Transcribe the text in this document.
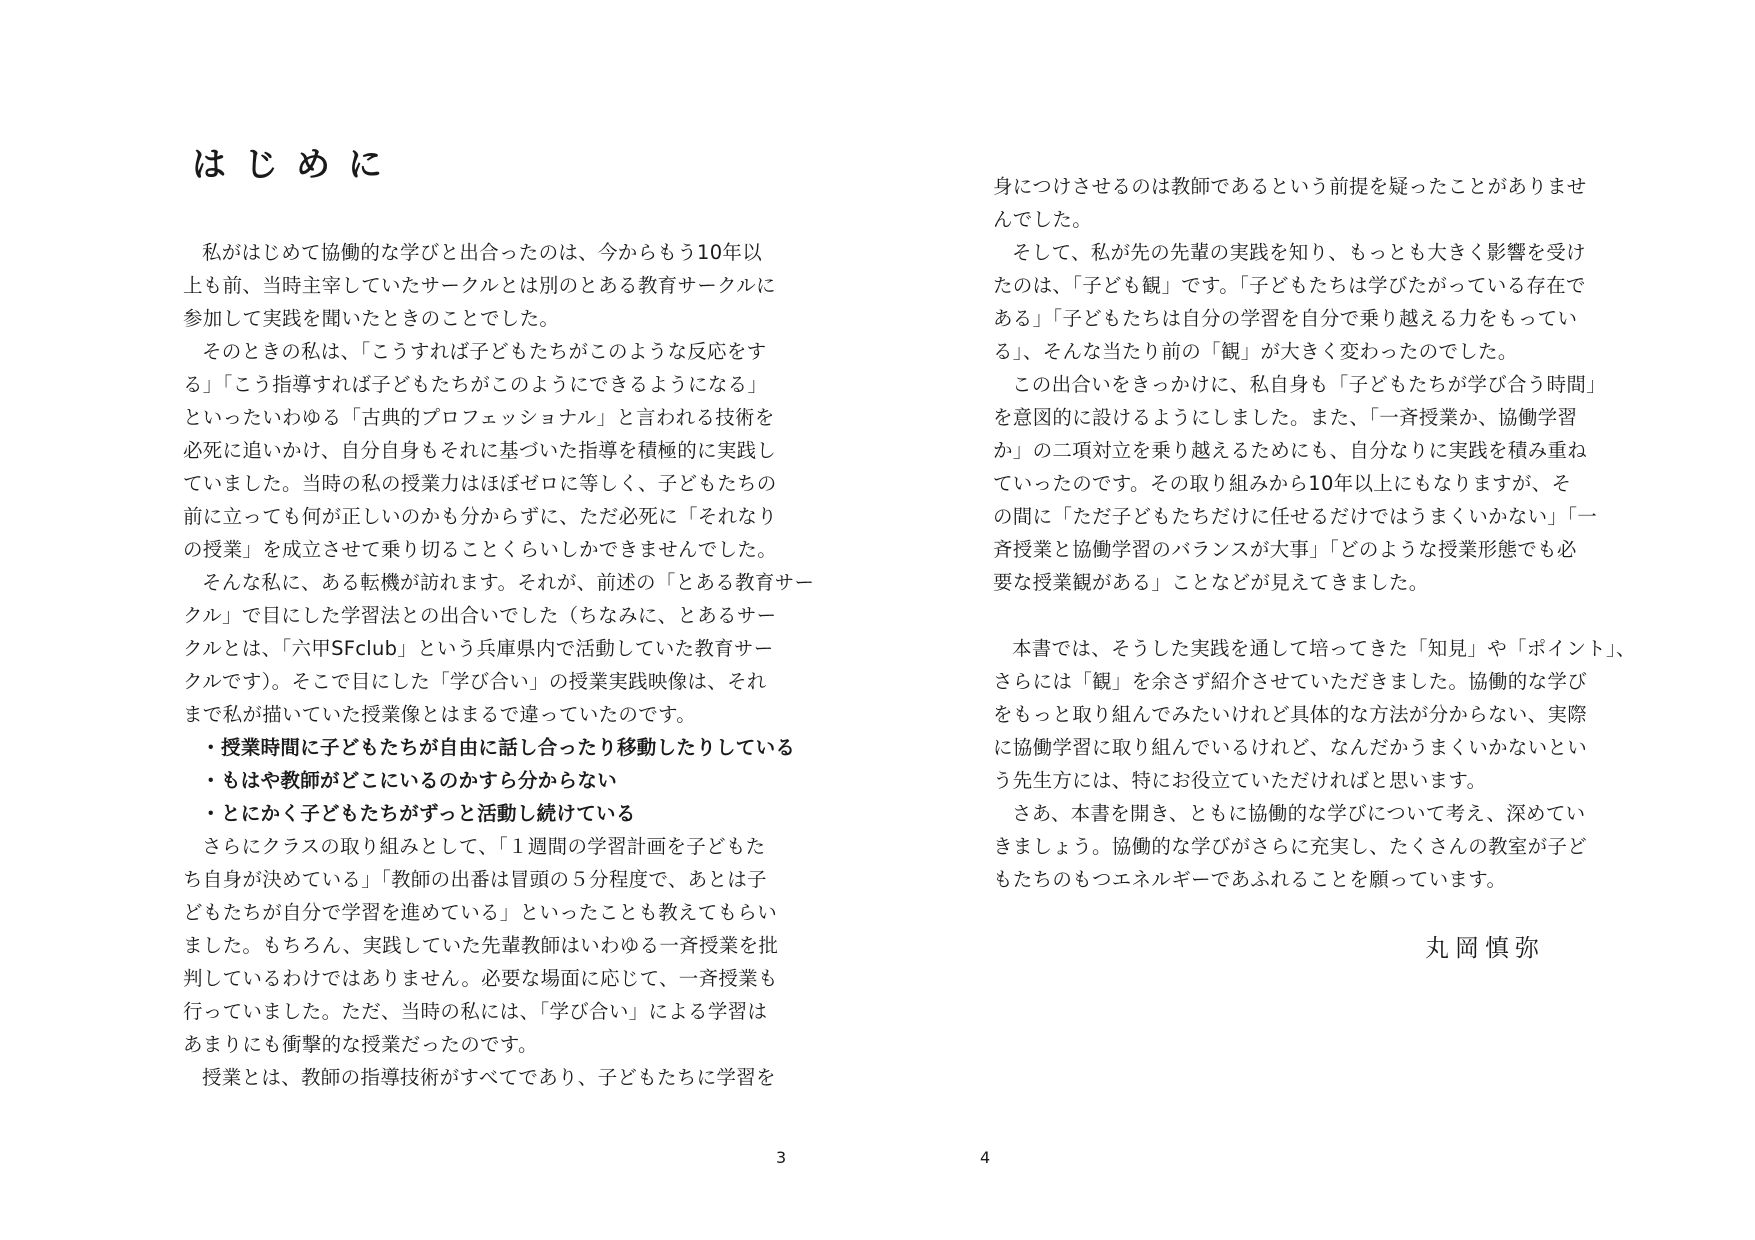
はじめに

私がはじめて協働的な学びと出合ったのは、今からもう10年以
上も前、当時主宰していたサークルとは別のとある教育サークルに
参加して実践を聞いたときのことでした。

そのときの私は、「こうすれば子どもたちがこのような反応をす
る」「こう指導すれば子どもたちがこのようにできるようになる」
といったいわゆる「古典的プロフェッショナル」と言われる技術を
必死に追いかけ、自分自身もそれに基づいた指導を積極的に実践し
ていました。当時の私の授業力はほぼゼロに等しく、子どもたちの
前に立っても何が正しいのかも分からずに、ただ必死に「それなり
の授業」を成立させて乗り切ることくらいしかできませんでした。

そんな私に、ある転機が訪れます。それが、前述の「とある教育サー
クル」で目にした学習法との出合いでした（ちなみに、とあるサー
クルとは、「六甲SFclub」という兵庫県内で活動していた教育サー
クルです）。そこで目にした「学び合い」の授業実践映像は、それ
まで私が描いていた授業像とはまるで違っていたのです。

・ 授業時間に子どもたちが自由に話し合ったり移動したりしている
・ もはや教師がどこにいるのかすら分からない
・ とにかく子どもたちがずっと活動し続けている

さらにクラスの取り組みとして、「１週間の学習計画を子どもた
ち自身が決めている」「教師の出番は冒頭の５分程度で、あとは子
どもたちが自分で学習を進めている」といったことも教えてもらい
ました。もちろん、実践していた先輩教師はいわゆる一斉授業を批
判しているわけではありません。必要な場面に応じて、一斉授業も
行っていました。ただ、当時の私には、「学び合い」による学習は
あまりにも衝撃的な授業だったのです。

授業とは、教師の指導技術がすべてであり、子どもたちに学習を

身につけさせるのは教師であるという前提を疑ったことがありませ
んでした。

そして、私が先の先輩の実践を知り、もっとも大きく影響を受け
たのは、「子ども観」です。「子どもたちは学びたがっている存在で
ある」「子どもたちは自分の学習を自分で乗り越える力をもってい
る」、そんな当たり前の「観」が大きく変わったのでした。

この出合いをきっかけに、私自身も「子どもたちが学び合う時間」
を意図的に設けるようにしました。また、「一斉授業か、協働学習
か」の二項対立を乗り越えるためにも、自分なりに実践を積み重ね
ていったのです。その取り組みから10年以上にもなりますが、そ
の間に「ただ子どもたちだけに任せるだけではうまくいかない」「一
斉授業と協働学習のバランスが大事」「どのような授業形態でも必
要な授業観がある」ことなどが見えてきました。

本書では、そうした実践を通して培ってきた「知見」や「ポイント」、
さらには「観」を余さず紹介させていただきました。協働的な学び
をもっと取り組んでみたいけれど具体的な方法が分からない、実際
に協働学習に取り組んでいるけれど、なんだかうまくいかないとい
う先生方には、特にお役立ていただければと思います。

さあ、本書を開き、ともに協働的な学びについて考え、深めてい
きましょう。協働的な学びがさらに充実し、たくさんの教室が子ど
もたちのもつエネルギーであふれることを願っています。

丸岡慎弥
3	4
